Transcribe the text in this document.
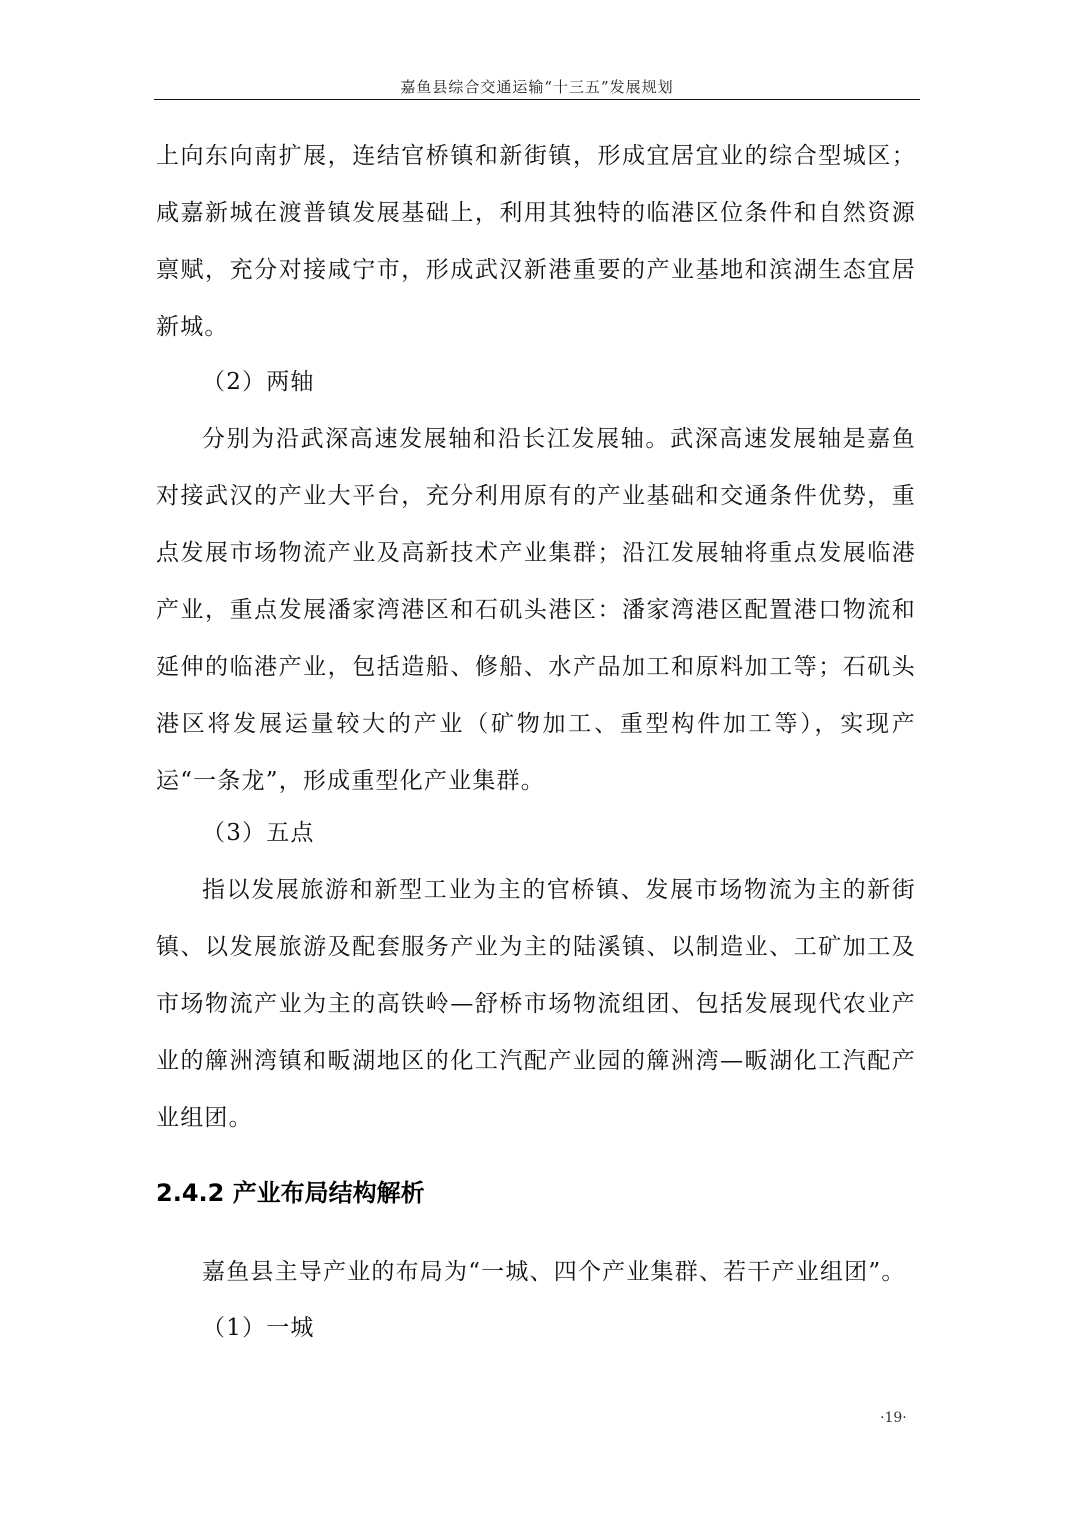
嘉鱼县综合交通运输“十三五”发展规划

上向东向南扩展，连结官桥镇和新街镇，形成宜居宜业的综合型城区；咸嘉新城在渡普镇发展基础上，利用其独特的临港区位条件和自然资源禀赋，充分对接咸宁市，形成武汉新港重要的产业基地和滨湖生态宜居新城。

（2）两轴

分别为沿武深高速发展轴和沿长江发展轴。武深高速发展轴是嘉鱼对接武汉的产业大平台，充分利用原有的产业基础和交通条件优势，重点发展市场物流产业及高新技术产业集群；沿江发展轴将重点发展临港产业，重点发展潘家湾港区和石矶头港区：潘家湾港区配置港口物流和延伸的临港产业，包括造船、修船、水产品加工和原料加工等；石矶头港区将发展运量较大的产业（矿物加工、重型构件加工等），实现产运“一条龙”，形成重型化产业集群。

（3）五点

指以发展旅游和新型工业为主的官桥镇、发展市场物流为主的新街镇、以发展旅游及配套服务产业为主的陆溪镇、以制造业、工矿加工及市场物流产业为主的高铁岭—舒桥市场物流组团、包括发展现代农业产业的簰洲湾镇和畈湖地区的化工汽配产业园的簰洲湾—畈湖化工汽配产业组团。

2.4.2 产业布局结构解析

嘉鱼县主导产业的布局为“一城、四个产业集群、若干产业组团”。

（1）一城

·19·
